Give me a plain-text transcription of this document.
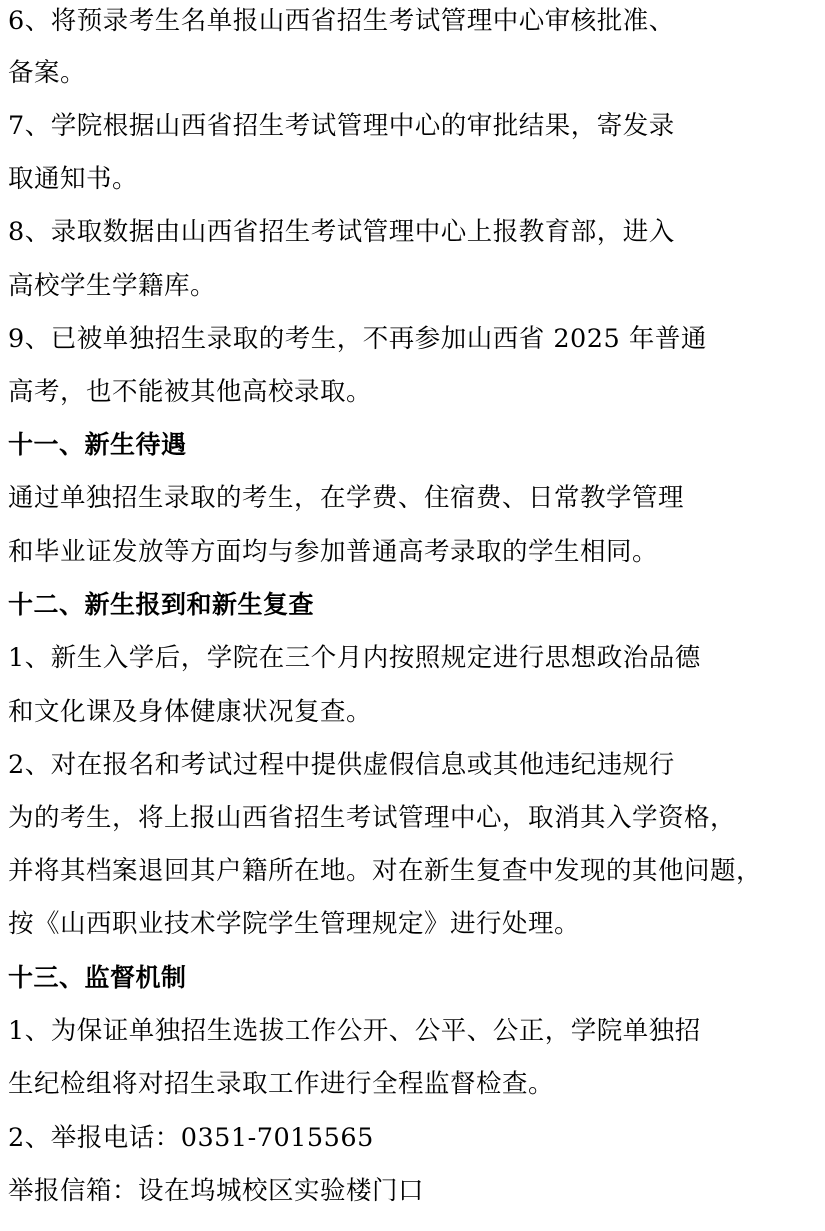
6、将预录考生名单报山西省招生考试管理中心审核批准、
备案。
7、学院根据山西省招生考试管理中心的审批结果，寄发录
取通知书。
8、录取数据由山西省招生考试管理中心上报教育部，进入
高校学生学籍库。
9、已被单独招生录取的考生，不再参加山西省 2025 年普通
高考，也不能被其他高校录取。
十一、新生待遇
通过单独招生录取的考生，在学费、住宿费、日常教学管理
和毕业证发放等方面均与参加普通高考录取的学生相同。
十二、新生报到和新生复查
1、新生入学后，学院在三个月内按照规定进行思想政治品德
和文化课及身体健康状况复查。
2、对在报名和考试过程中提供虚假信息或其他违纪违规行
为的考生，将上报山西省招生考试管理中心，取消其入学资格，
并将其档案退回其户籍所在地。对在新生复查中发现的其他问题，
按《山西职业技术学院学生管理规定》进行处理。
十三、监督机制
1、为保证单独招生选拔工作公开、公平、公正，学院单独招
生纪检组将对招生录取工作进行全程监督检查。
2、举报电话：0351-7015565
举报信箱：设在坞城校区实验楼门口
